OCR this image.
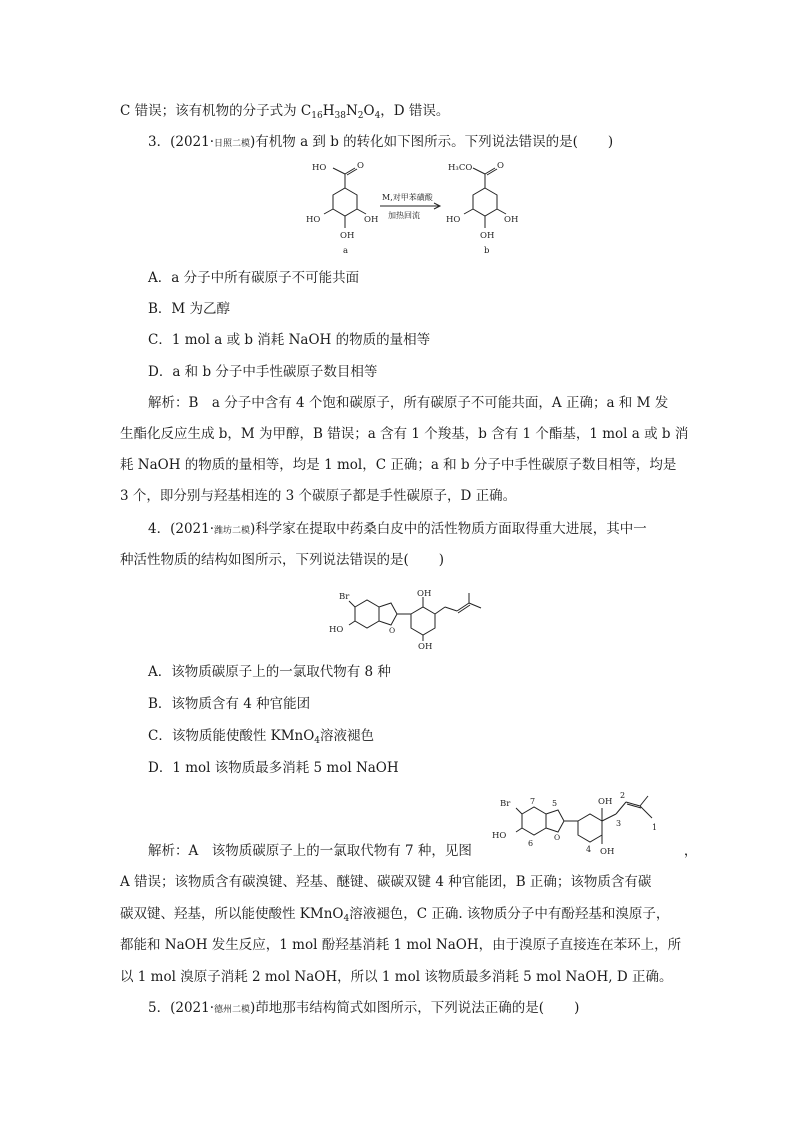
C 错误；该有机物的分子式为 $C_{16}H_{38}N_2O_4$，D 错误。
3．(2021·日照二模)有机物 a 到 b 的转化如下图所示。下列说法错误的是( )
HO	O
HO	OH
OH
a
M,对甲苯磺酸
加热回流
H₃CO	O
HO	OH
OH
b
A．a 分子中所有碳原子不可能共面
B．M 为乙醇
C．1 mol a 或 b 消耗 NaOH 的物质的量相等
D．a 和 b 分子中手性碳原子数目相等
解析：B　a 分子中含有 4 个饱和碳原子，所有碳原子不可能共面，A 正确；a 和 M 发
生酯化反应生成 b，M 为甲醇，B 错误；a 含有 1 个羧基，b 含有 1 个酯基，1 mol a 或 b 消
耗 NaOH 的物质的量相等，均是 1 mol，C 正确；a 和 b 分子中手性碳原子数目相等，均是
3 个，即分别与羟基相连的 3 个碳原子都是手性碳原子，D 正确。
4．(2021·潍坊二模)科学家在提取中药桑白皮中的活性物质方面取得重大进展，其中一
种活性物质的结构如图所示，下列说法错误的是( )
Br
HO	O
OH
OH
A．该物质碳原子上的一氯取代物有 8 种
B．该物质含有 4 种官能团
C．该物质能使酸性 KMnO$_4$溶液褪色
D．1 mol 该物质最多消耗 5 mol NaOH
Br
HO	O
OH
OH
7 5
6
4
2
3	1
解析：A　该物质碳原子上的一氯取代物有 7 种，见图	，
A 错误；该物质含有碳溴键、羟基、醚键、碳碳双键 4 种官能团，B 正确；该物质含有碳
碳双键、羟基，所以能使酸性 KMnO$_4$溶液褪色，C 正确. 该物质分子中有酚羟基和溴原子，
都能和 NaOH 发生反应，1 mol 酚羟基消耗 1 mol NaOH，由于溴原子直接连在苯环上，所
以 1 mol 溴原子消耗 2 mol NaOH，所以 1 mol 该物质最多消耗 5 mol NaOH, D 正确。
5．(2021·德州二模)茚地那韦结构简式如图所示，下列说法正确的是( )
